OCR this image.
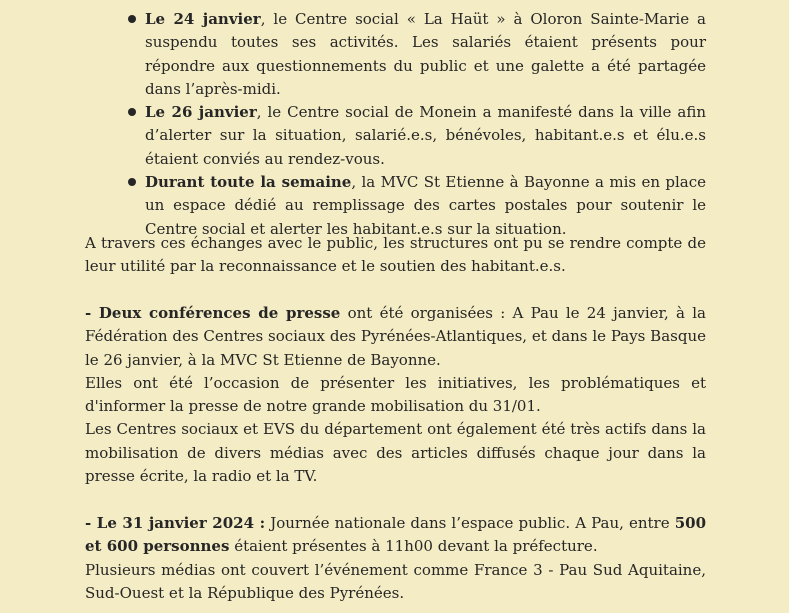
Le 24 janvier, le Centre social « La Haüt » à Oloron Sainte-Marie a suspendu toutes ses activités. Les salariés étaient présents pour répondre aux questionnements du public et une galette a été partagée dans l’après-midi.
Le 26 janvier, le Centre social de Monein a manifesté dans la ville afin d’alerter sur la situation, salarié.e.s, bénévoles, habitant.e.s et élu.e.s étaient conviés au rendez-vous.
Durant toute la semaine, la MVC St Etienne à Bayonne a mis en place un espace dédié au remplissage des cartes postales pour soutenir le Centre social et alerter les habitant.e.s sur la situation.

A travers ces échanges avec le public, les structures ont pu se rendre compte de leur utilité par la reconnaissance et le soutien des habitant.e.s.

- Deux conférences de presse ont été organisées : A Pau le 24 janvier, à la Fédération des Centres sociaux des Pyrénées-Atlantiques, et dans le Pays Basque le 26 janvier, à la MVC St Etienne de Bayonne.
Elles ont été l’occasion de présenter les initiatives, les problématiques et d'informer la presse de notre grande mobilisation du 31/01.
Les Centres sociaux et EVS du département ont également été très actifs dans la mobilisation de divers médias avec des articles diffusés chaque jour dans la presse écrite, la radio et la TV.

- Le 31 janvier 2024 : Journée nationale dans l’espace public. A Pau, entre 500 et 600 personnes étaient présentes à 11h00 devant la préfecture.
Plusieurs médias ont couvert l’événement comme France 3 - Pau Sud Aquitaine, Sud-Ouest et la République des Pyrénées.
